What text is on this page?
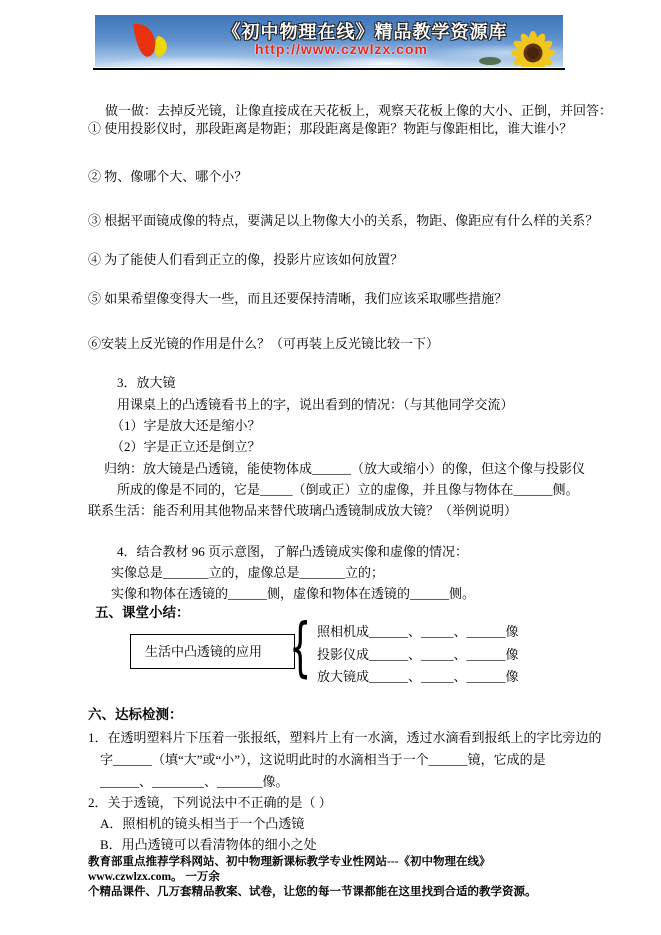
《初中物理在线》精品教学资源库
http://www.czwlzx.com
做一做：去掉反光镜，让像直接成在天花板上，观察天花板上像的大小、正倒，并回答：
① 使用投影仪时，那段距离是物距；那段距离是像距？物距与像距相比，谁大谁小？
② 物、像哪个大、哪个小？
③ 根据平面镜成像的特点，要满足以上物像大小的关系，物距、像距应有什么样的关系？
④ 为了能使人们看到正立的像，投影片应该如何放置？
⑤ 如果希望像变得大一些，而且还要保持清晰，我们应该采取哪些措施？
⑥安装上反光镜的作用是什么？（可再装上反光镜比较一下）
3．放大镜
用课桌上的凸透镜看书上的字，说出看到的情况：（与其他同学交流）
（1）字是放大还是缩小？
（2）字是正立还是倒立？
归纳：放大镜是凸透镜，能使物体成______（放大或缩小）的像，但这个像与投影仪
所成的像是不同的，它是_____（倒或正）立的虚像，并且像与物体在______侧。
联系生活：能否利用其他物品来替代玻璃凸透镜制成放大镜？（举例说明）
4．结合教材 96 页示意图，了解凸透镜成实像和虚像的情况：
实像总是_______立的，虚像总是_______立的；
实像和物体在透镜的______侧，虚像和物体在透镜的______侧。
五、课堂小结：
生活中凸透镜的应用 { 照相机成______、_____、______像
投影仪成______、_____、______像
放大镜成______、_____、______像
六、达标检测：
1．在透明塑料片下压着一张报纸，塑料片上有一水滴，透过水滴看到报纸上的字比旁边的
字______（填“大”或“小”），这说明此时的水滴相当于一个______镜，它成的是
______、________、_______像。
2．关于透镜，下列说法中不正确的是（ ）
A．照相机的镜头相当于一个凸透镜
B．用凸透镜可以看清物体的细小之处
教育部重点推荐学科网站、初中物理新课标教学专业性网站---《初中物理在线》www.czwlzx.com。 一万余
个精品课件、几万套精品教案、试卷，让您的每一节课都能在这里找到合适的教学资源。
